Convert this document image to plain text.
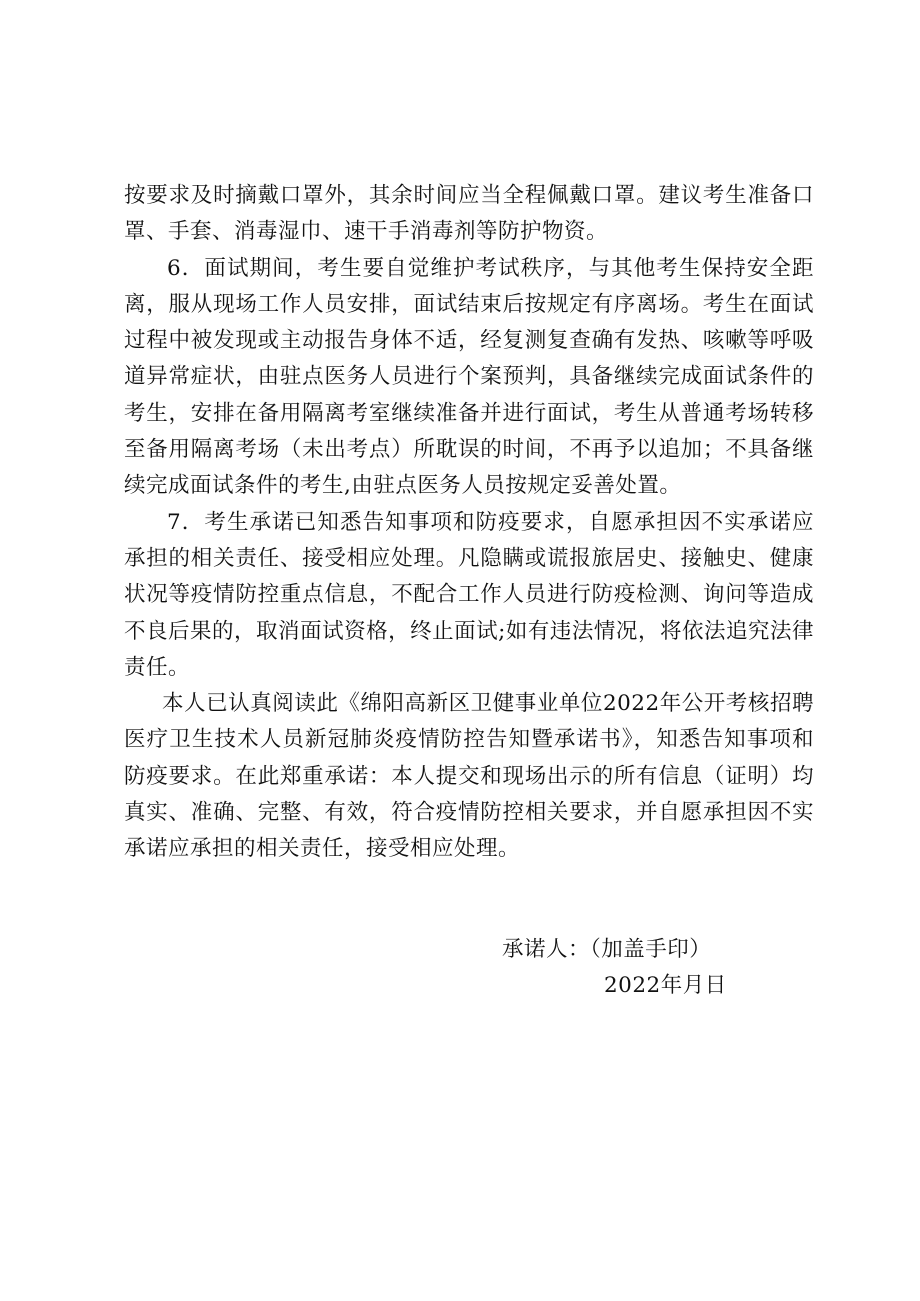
按要求及时摘戴口罩外，其余时间应当全程佩戴口罩。建议考生准备口罩、手套、消毒湿巾、速干手消毒剂等防护物资。

6．面试期间，考生要自觉维护考试秩序，与其他考生保持安全距离，服从现场工作人员安排，面试结束后按规定有序离场。考生在面试过程中被发现或主动报告身体不适，经复测复查确有发热、咳嗽等呼吸道异常症状，由驻点医务人员进行个案预判，具备继续完成面试条件的考生，安排在备用隔离考室继续准备并进行面试，考生从普通考场转移至备用隔离考场（未出考点）所耽误的时间，不再予以追加；不具备继续完成面试条件的考生,由驻点医务人员按规定妥善处置。

7．考生承诺已知悉告知事项和防疫要求，自愿承担因不实承诺应承担的相关责任、接受相应处理。凡隐瞒或谎报旅居史、接触史、健康状况等疫情防控重点信息，不配合工作人员进行防疫检测、询问等造成不良后果的，取消面试资格，终止面试;如有违法情况，将依法追究法律责任。

本人已认真阅读此《绵阳高新区卫健事业单位2022年公开考核招聘医疗卫生技术人员新冠肺炎疫情防控告知暨承诺书》，知悉告知事项和防疫要求。在此郑重承诺：本人提交和现场出示的所有信息（证明）均真实、准确、完整、有效，符合疫情防控相关要求，并自愿承担因不实承诺应承担的相关责任，接受相应处理。

承诺人：（加盖手印）
2022年月日
